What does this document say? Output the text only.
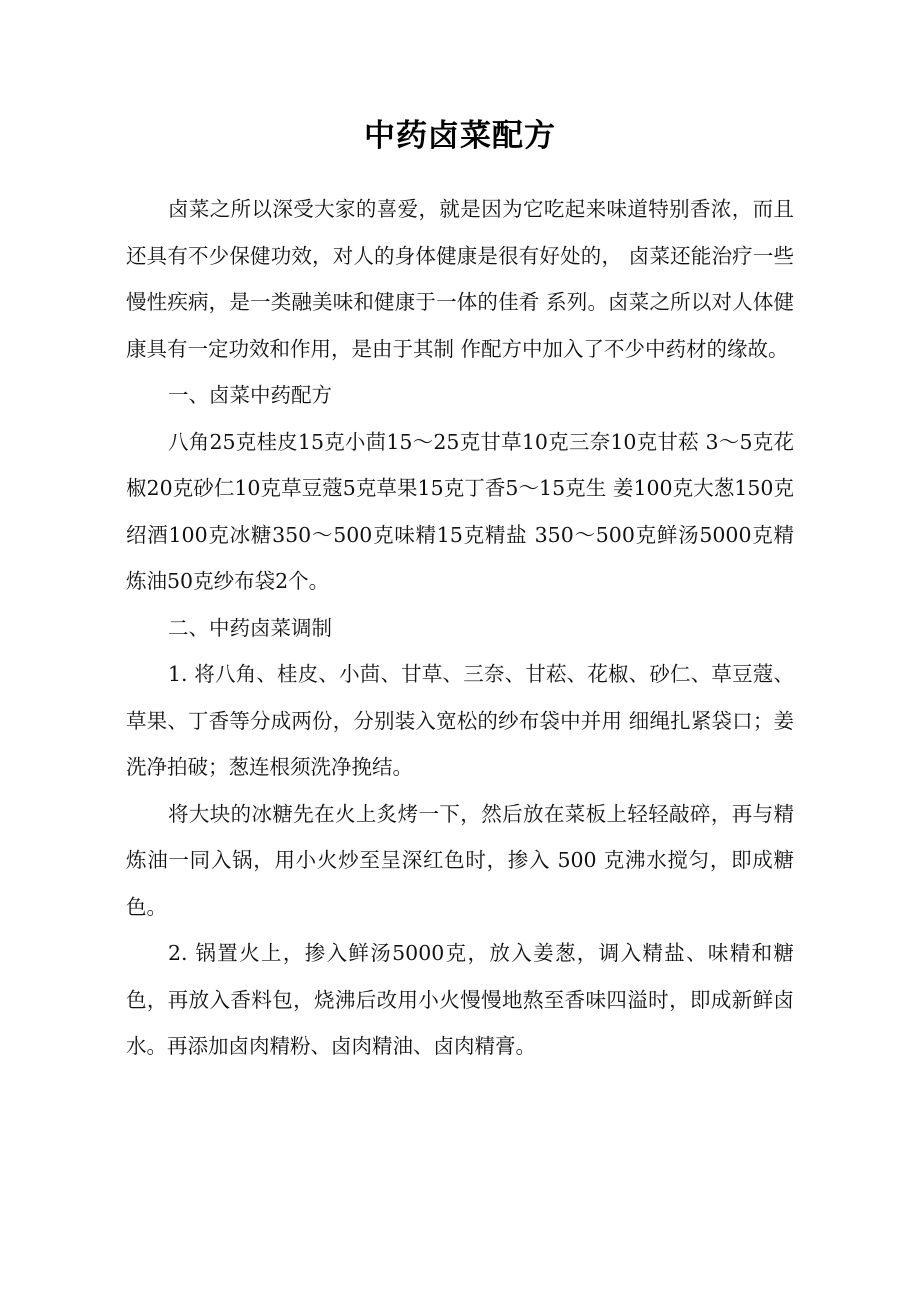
中药卤菜配方

卤菜之所以深受大家的喜爱，就是因为它吃起来味道特别香浓，而且还具有不少保健功效，对人的身体健康是很有好处的， 卤菜还能治疗一些慢性疾病，是一类融美味和健康于一体的佳肴 系列。卤菜之所以对人体健康具有一定功效和作用，是由于其制 作配方中加入了不少中药材的缘故。

一、卤菜中药配方

八角25克桂皮15克小茴15～25克甘草10克三奈10克甘菘 3～5克花椒20克砂仁10克草豆蔻5克草果15克丁香5～15克生 姜100克大葱150克绍酒100克冰糖350～500克味精15克精盐 350～500克鲜汤5000克精炼油50克纱布袋2个。

二、中药卤菜调制

1. 将八角、桂皮、小茴、甘草、三奈、甘菘、花椒、砂仁、草豆蔻、草果、丁香等分成两份，分别装入宽松的纱布袋中并用 细绳扎紧袋口；姜洗净拍破；葱连根须洗净挽结。

将大块的冰糖先在火上炙烤一下，然后放在菜板上轻轻敲碎，再与精炼油一同入锅，用小火炒至呈深红色时，掺入 500 克沸水搅匀，即成糖色。

2. 锅置火上，掺入鲜汤5000克，放入姜葱，调入精盐、味精和糖色，再放入香料包，烧沸后改用小火慢慢地熬至香味四溢时，即成新鲜卤水。再添加卤肉精粉、卤肉精油、卤肉精膏。
